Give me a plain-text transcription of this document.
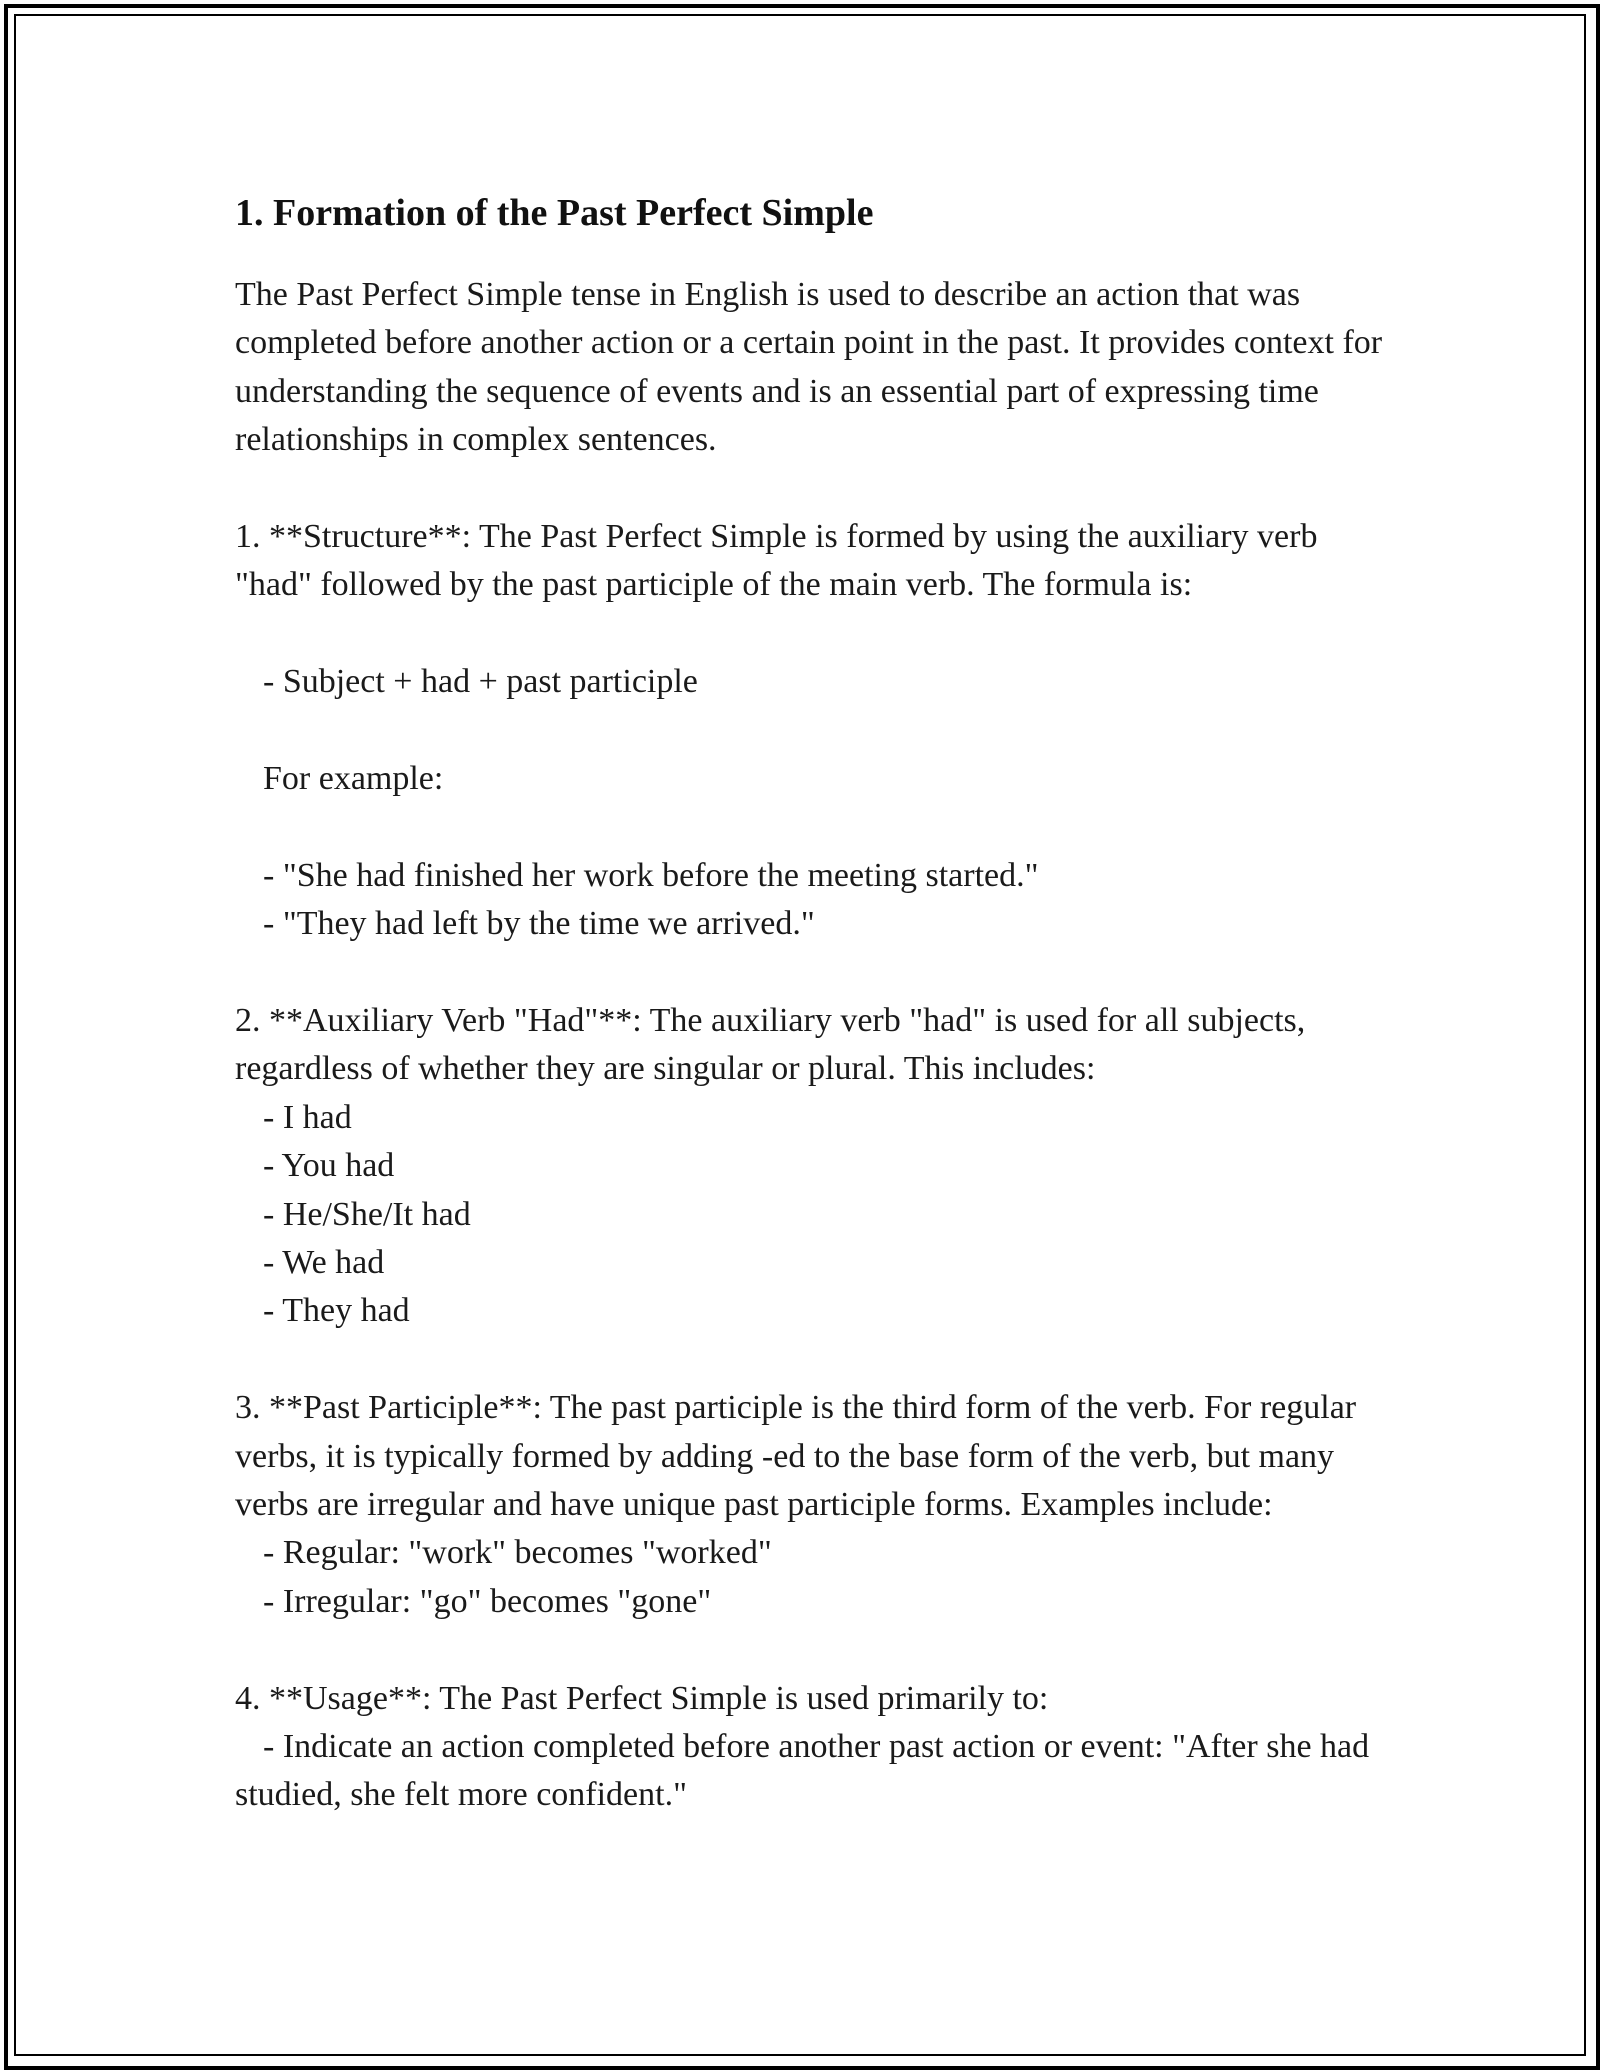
1. Formation of the Past Perfect Simple

The Past Perfect Simple tense in English is used to describe an action that was completed before another action or a certain point in the past. It provides context for understanding the sequence of events and is an essential part of expressing time relationships in complex sentences.

1. **Structure**: The Past Perfect Simple is formed by using the auxiliary verb "had" followed by the past participle of the main verb. The formula is:

- Subject + had + past participle

For example:

- "She had finished her work before the meeting started."

- "They had left by the time we arrived."

2. **Auxiliary Verb "Had"**: The auxiliary verb "had" is used for all subjects, regardless of whether they are singular or plural. This includes:

- I had

- You had

- He/She/It had

- We had

- They had

3. **Past Participle**: The past participle is the third form of the verb. For regular verbs, it is typically formed by adding -ed to the base form of the verb, but many verbs are irregular and have unique past participle forms. Examples include:

- Regular: "work" becomes "worked"

- Irregular: "go" becomes "gone"

4. **Usage**: The Past Perfect Simple is used primarily to:

- Indicate an action completed before another past action or event: "After she had studied, she felt more confident."
